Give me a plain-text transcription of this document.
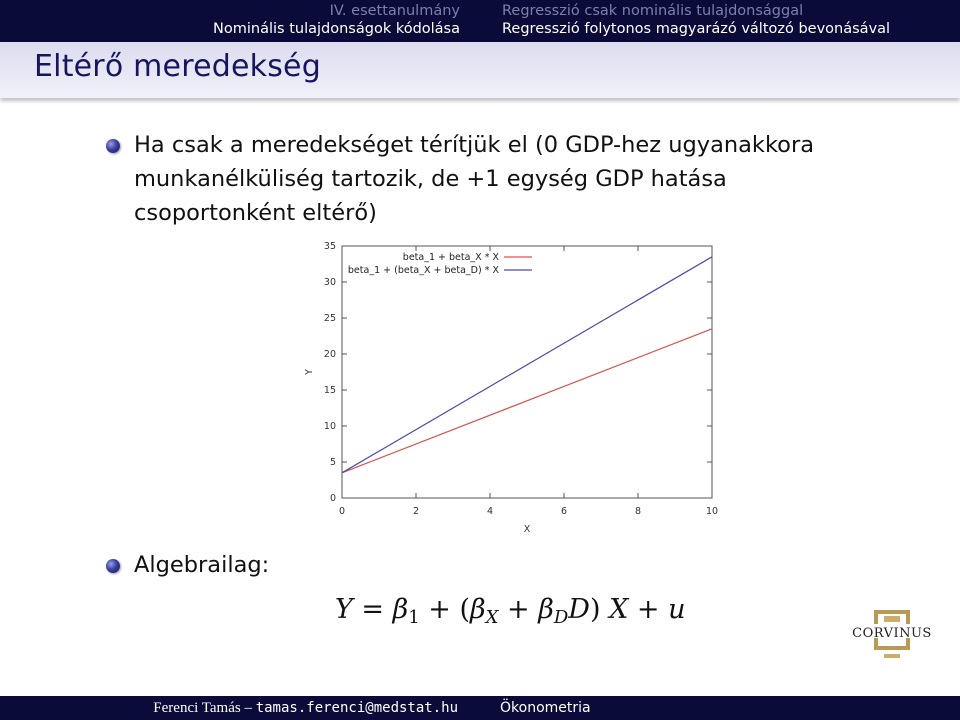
IV. esettanulmány
Nominális tulajdonságok kódolása
Regresszió csak nominális tulajdonsággal
Regresszió folytonos magyarázó változó bevonásával
Eltérő meredekség
Ha csak a meredekséget térítjük el (0 GDP-hez ugyanakkora
munkanélküliség tartozik, de +1 egység GDP hatása
csoportonként eltérő)
0	2	4	6	8	10
0
5
10
15
20
25
30
35
X
Y
beta_1 + beta_X * X
beta_1 + (beta_X + beta_D) * X
Algebrailag:
$Y = \beta_1 + (\beta_X + \beta_DD) X + u$
CORVINUS
Ferenci Tamás – tamas.ferenci@medstat.hu	Ökonometria
